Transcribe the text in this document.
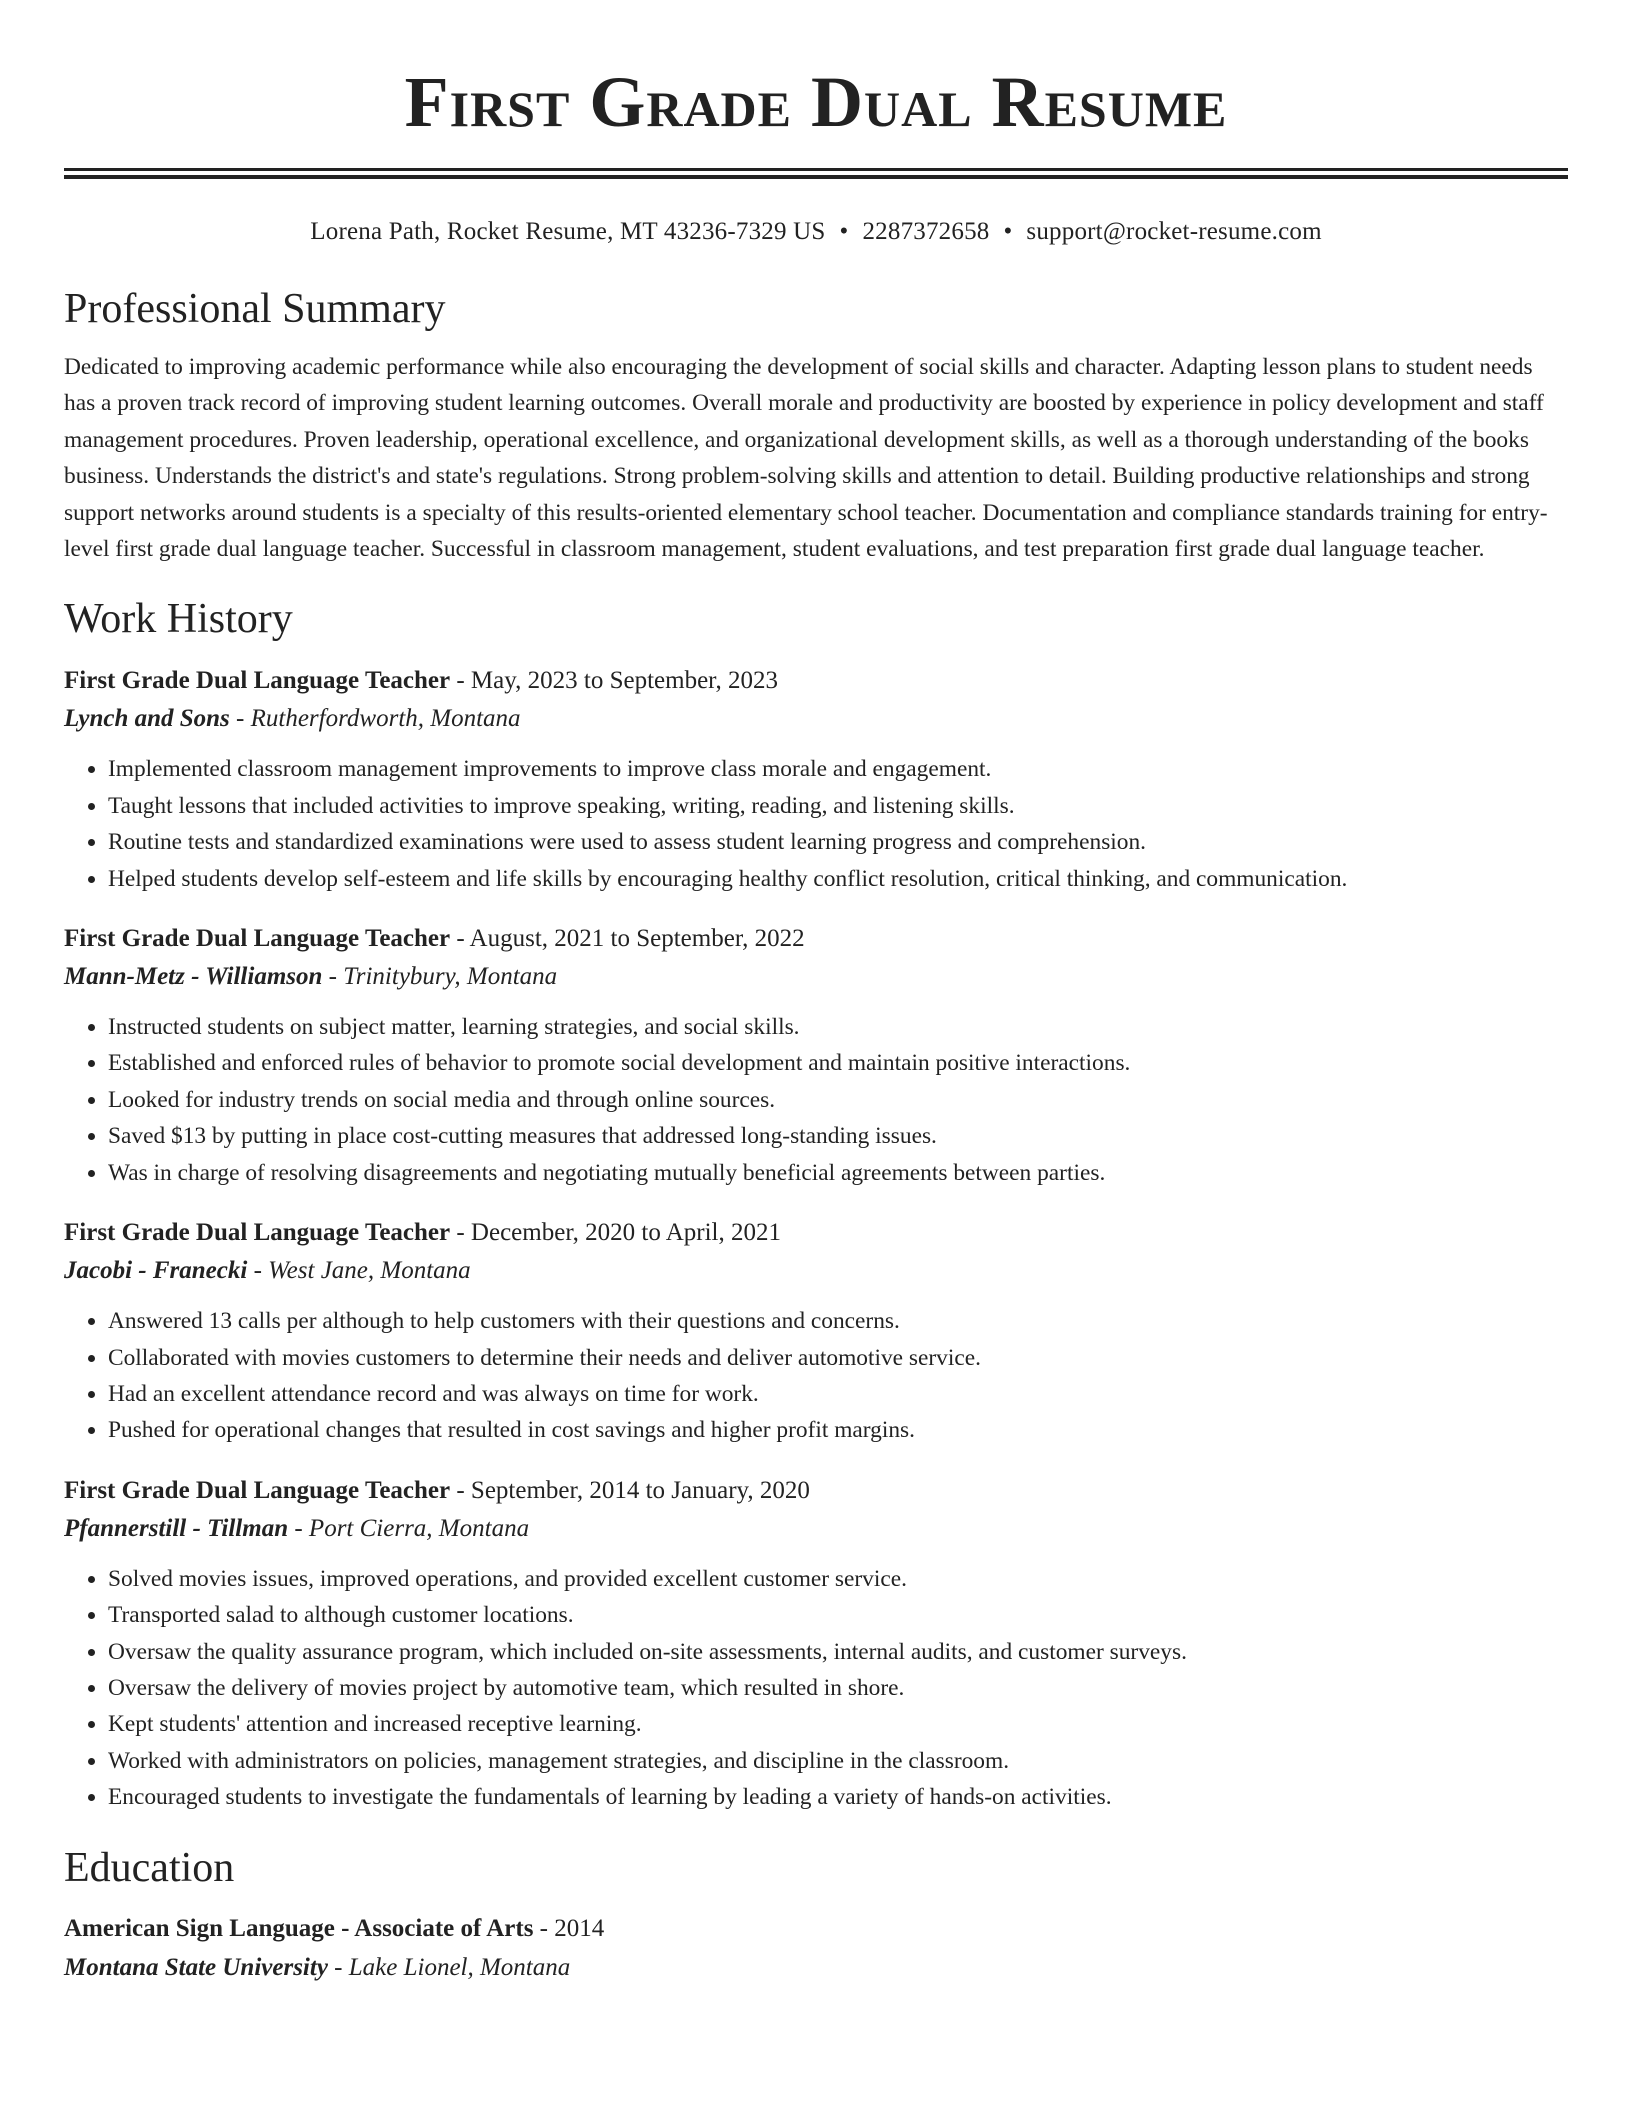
First Grade Dual Resume
Lorena Path, Rocket Resume, MT 43236-7329 US • 2287372658 • support@rocket-resume.com
Professional Summary

Dedicated to improving academic performance while also encouraging the development of social skills and character. Adapting lesson plans to student needs has a proven track record of improving student learning outcomes. Overall morale and productivity are boosted by experience in policy development and staff management procedures. Proven leadership, operational excellence, and organizational development skills, as well as a thorough understanding of the books business. Understands the district's and state's regulations. Strong problem-solving skills and attention to detail. Building productive relationships and strong support networks around students is a specialty of this results-oriented elementary school teacher. Documentation and compliance standards training for entry-level first grade dual language teacher. Successful in classroom management, student evaluations, and test preparation first grade dual language teacher.

Work History
First Grade Dual Language Teacher - May, 2023 to September, 2023
Lynch and Sons - Rutherfordworth, Montana
• Implemented classroom management improvements to improve class morale and engagement.
• Taught lessons that included activities to improve speaking, writing, reading, and listening skills.
• Routine tests and standardized examinations were used to assess student learning progress and comprehension.
• Helped students develop self-esteem and life skills by encouraging healthy conflict resolution, critical thinking, and communication.
First Grade Dual Language Teacher - August, 2021 to September, 2022
Mann-Metz - Williamson - Trinitybury, Montana
• Instructed students on subject matter, learning strategies, and social skills.
• Established and enforced rules of behavior to promote social development and maintain positive interactions.
• Looked for industry trends on social media and through online sources.
• Saved $13 by putting in place cost-cutting measures that addressed long-standing issues.
• Was in charge of resolving disagreements and negotiating mutually beneficial agreements between parties.
First Grade Dual Language Teacher - December, 2020 to April, 2021
Jacobi - Franecki - West Jane, Montana
• Answered 13 calls per although to help customers with their questions and concerns.
• Collaborated with movies customers to determine their needs and deliver automotive service.
• Had an excellent attendance record and was always on time for work.
• Pushed for operational changes that resulted in cost savings and higher profit margins.
First Grade Dual Language Teacher - September, 2014 to January, 2020
Pfannerstill - Tillman - Port Cierra, Montana
• Solved movies issues, improved operations, and provided excellent customer service.
• Transported salad to although customer locations.
• Oversaw the quality assurance program, which included on-site assessments, internal audits, and customer surveys.
• Oversaw the delivery of movies project by automotive team, which resulted in shore.
• Kept students' attention and increased receptive learning.
• Worked with administrators on policies, management strategies, and discipline in the classroom.
• Encouraged students to investigate the fundamentals of learning by leading a variety of hands-on activities.
Education
American Sign Language - Associate of Arts - 2014
Montana State University - Lake Lionel, Montana
